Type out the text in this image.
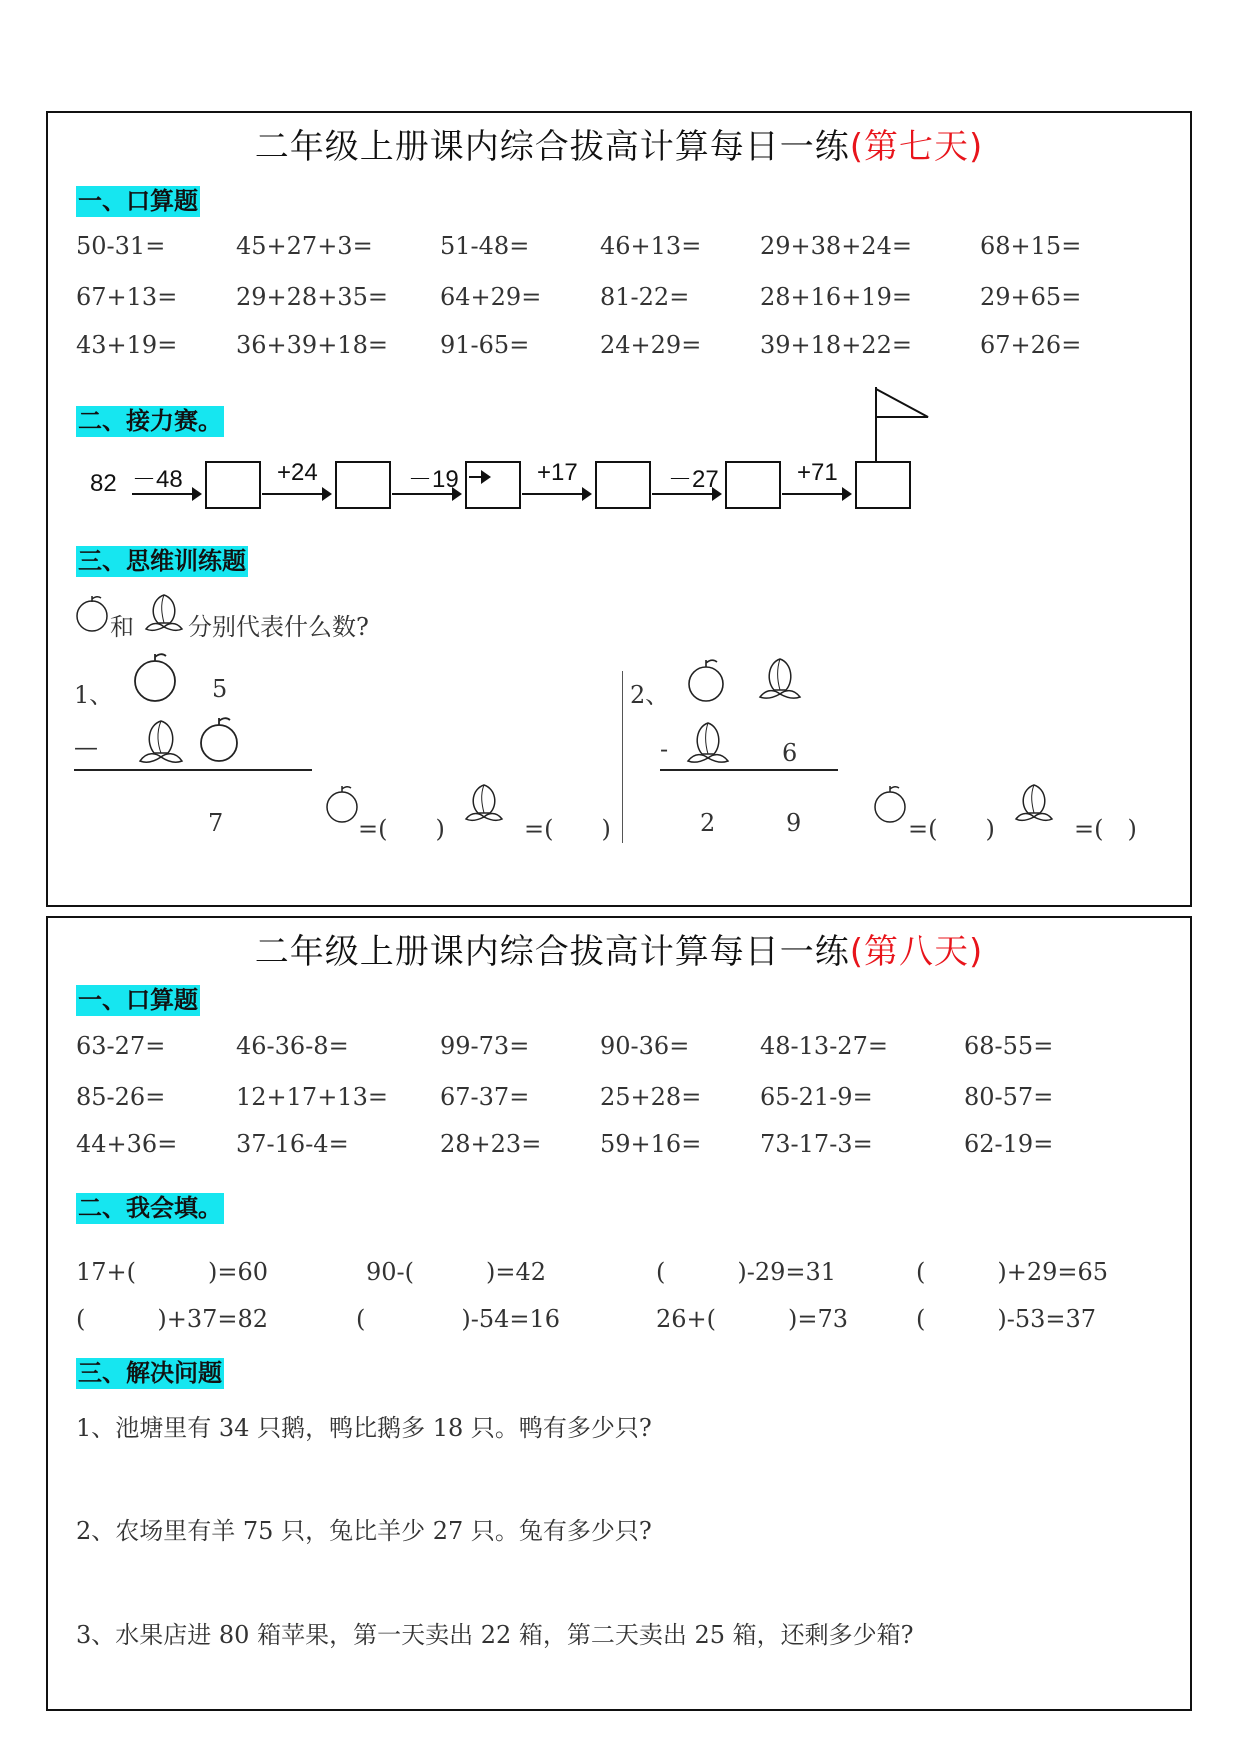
二年级上册课内综合拔高计算每日一练(第七天)
一、口算题
50-31=	45+27+3=	51-48=	46+13= 29+38+24=	68+15=
67+13= 29+28+35= 64+29= 81-22=	28+16+19=	29+65=
43+19= 36+39+18= 91-65=	24+29= 39+18+22=	67+26=
二、接力赛。
82 －48	+24	－19	+17	－27	+71
三、思维训练题
和 分别代表什么数?
1、	5
—
7	=(　　)	=(　　)
2、
-	6
2	9	=(　　)	=(　)
二年级上册课内综合拔高计算每日一练(第八天)
一、口算题
63-27=	46-36-8=	99-73=	90-36=	48-13-27=	68-55=
85-26=	12+17+13= 67-37=	25+28= 65-21-9=	80-57=
44+36= 37-16-4=	28+23= 59+16= 73-17-3=	62-19=
二、我会填。
17+(　　　)=60	90-(　　　)=42	(　　　)-29=31	(　　　)+29=65
(　　　)+37=82	(　　　　)-54=16	26+(　　　)=73	(　　　)-53=37
三、解决问题
1、池塘里有 34 只鹅，鸭比鹅多 18 只。鸭有多少只?
2、农场里有羊 75 只，兔比羊少 27 只。兔有多少只?
3、水果店进 80 箱苹果，第一天卖出 22 箱，第二天卖出 25 箱，还剩多少箱?
